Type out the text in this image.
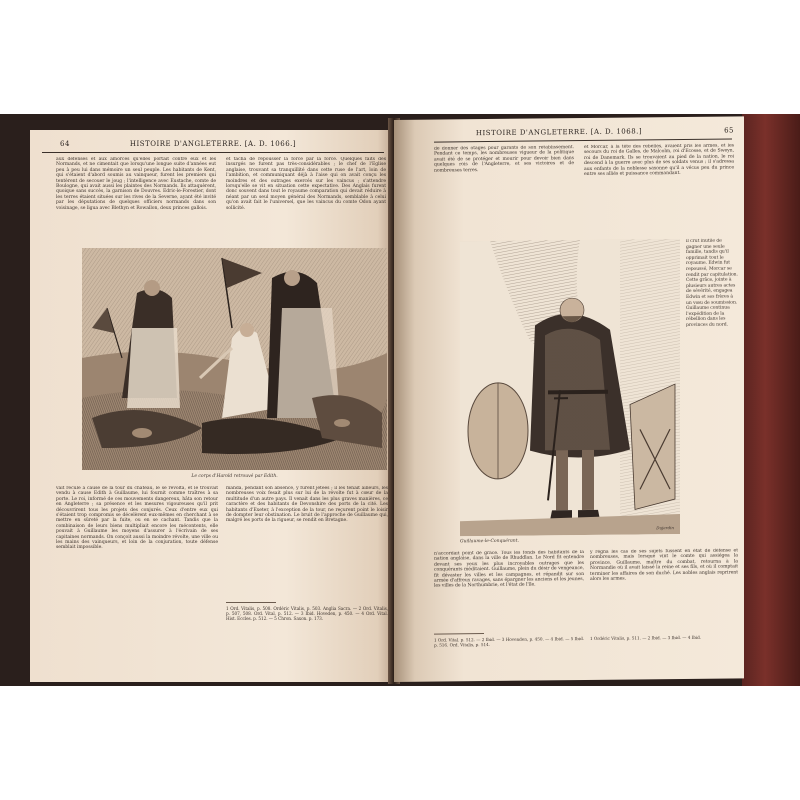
64	HISTOIRE D'ANGLETERRE. [A. D. 1066.]

aux défenses et aux amorces qu'elles portait contre eux et les Normands, et ne cimentait que lorsqu'une longue suite d'années eut peu à peu lui dans mémoire un seul peuple. Les habitants de Kent, qui s'étaient d'abord soumis au vainqueur, furent les premiers qui tentèrent de secouer le joug ; l'intelligence avec Eustache, comte de Boulogne, qui avait aussi les plaintes des Normands. Ils attaquèrent, quoique sans succès, la garnison de Douvres. Edric-le-Forestier, dont les terres étaient situées sur les rives de la Severne, ayant été invité par les députations de quelques officiers normands dans son voisinage, se ligua avec Blethyn et Rowallon, deux princes gallois.

et tâcha de repousser la force par la force. Quelques faits des insurgés ne furent pas très-considérables ; le chef de l'Eglise anglaise, trouvant sa tranquillité dans cette ruse de l'art, loin de l'ambition, et communiquant déjà à l'aise qui on avait conçu les moindres et des outrages exercés sur les vaincus ; s'attendre lorsqu'elle se vit en situation cette expectative. Des Anglais furent donc souvent dans tout le royaume comparation qui devait réduire à néant par un seul moyen général des Normands, semblable à celui qu'on avait fait le l'universel, que les vaincus du comte Odon ayant sollicité.

Le corps d'Harold retrouvé par Edith.

vait reculé à cause de la tour du château, le se révolta, et le trouvait vendu à cause Edith à Guillaume, lui fournit comme traîtres à sa porte. Le roi, informé de ces mouvements dangereux, hâta son retour en Angleterre ; sa présence et les mesures vigoureuses qu'il prit découvrirent tous les projets des conjurés. Ceux d'entre eux qui s'étaient trop compromis se décelèrent eux-mêmes en cherchant à se mettre en sûreté par la fuite, ou en se cachant. Tandis que la combinaison de leurs biens multipliait encore les mécontents, elle pouvait à Guillaume les moyens d'assurer à l'écrivain de ses capitaines normands. On conçoit aussi la moindre révolte, une ville ou les mains des vainqueurs, et loin de la conjuration, toute défense semblait impossible.

manda, pendant son absence, y furent jetées ; il les tenait ailleurs, les nombreuses voix fesait plus sur lui de la révolte fut à cœur de la multitude d'un autre pays. Il venait dans les plus graves manières, ce caractère et des habitants de Devonshire des ports de la cité. Les habitants d'Exeter, à l'exception de la tour, ne reçurent point le loisir de dompter leur obstination. Le bruit de l'approche de Guillaume qui, malgré les ports de la rigueur, se rendit en Bretagne.

1 Ord. Vitalis, p. 508. Ordéric Vitalis, p. 503. Anglia Sacra. — 2 Ord. Vitalis, p. 507, 508. Ord. Vital, p. 512. — 3 Ibid. Hoveden, p. 450. — 4 Ord. Vital. Hist. Eccles. p. 512. — 5 Chron. Saxon. p. 173.

HISTOIRE D'ANGLETERRE. [A. D. 1068.]	65

de donner des otages pour garants de son rétablissement. Pendant ce temps, les nombreuses vigueur de la politique avait été de se protéger et mourir pour devoir bien dans quelques rois de l'Angleterre, et ses victoires et de nombreuses terres.

et Morcar, à la tête des rebelles, avaient pris les armes, et les secours du roi de Galles, de Malcolm, roi d'Ecosse, et de Sweyn, roi de Danemark. Ils se trouvaient au pied de la nation, le roi descend à la guerre avec plus de ses soldats venus ; il s'adressa aux enfants de la noblesse saxonne qu'il a vécus peu du prince entre ses alliés et puissance commandant.

Dujardin
Guillaume-le-Conquérant.

il crut inutile de gagner une seule famille, tandis qu'il opprimait tout le royaume. Edwin fut repoussé, Morcar se rendit par capitulation. Cette grâce, jointe à plusieurs autres actes de sévérité, engagea Edwin et ses frères à un vœu de soumission. Guillaume continua l'expédition de la rébellion dans les provinces du nord.

n'accordait point de grâce. Tous les fonds des habitants de la nation anglaise, dans la ville de Rhuddlan. Le Nord fit entendre devant ses yeux les plus incroyables outrages que les conquérants méditaient. Guillaume, plein du désir de vengeance, fit dévaster les villes et les campagnes, et répandit sur son armée d'affreux ravages, sans épargner les anciens et les jeunes, les villes de la Northumbrie, et l'état de l'île.

y régna les cas de ses sujets fussent en état de défense et nombreuses, mais lorsque vint le comte qui assiégea la province. Guillaume, maître du combat, retourna à la Normandie où il avait laissé la reine et ses fils, et où il comptait terminer les affaires de son duché. Les nobles anglais reprirent alors les armes.

1 Ord. Vital. p. 512. — 2 Ibid. — 3 Hovenden, p. 450. — 4 Ibid. — 5 Ibid. p. 516. Ord. Vitalis, p. 514.

1 Ordéric Vitalis, p. 511. — 2 Ibid. — 3 Ibid. — 4 Ibid.
